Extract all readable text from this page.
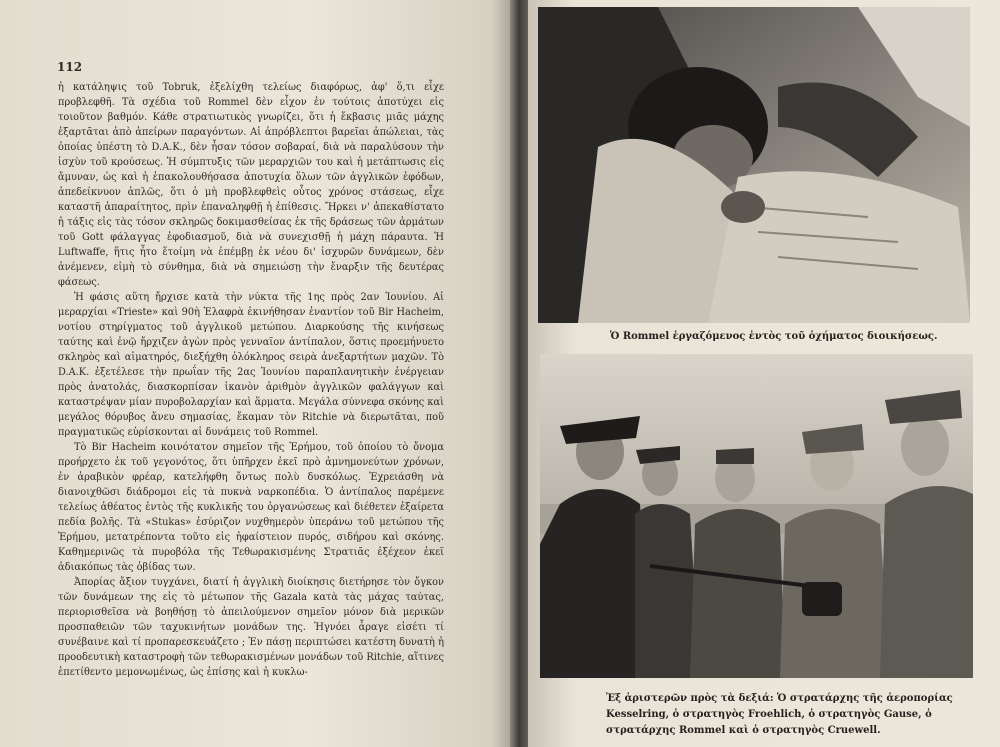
112

ἡ κατάληψις τοῦ Tobruk, ἐξελίχθη τελείως διαφόρως, ἀφ' ὅ,τι εἶχε προβλεφθῆ. Τὰ σχέδια τοῦ Rommel δὲν εἶχον ἐν τούτοις ἀποτύχει εἰς τοιοῦτον βαθμόν. Κάθε στρατιωτικὸς γνωρίζει, ὅτι ἡ ἔκβασις μιᾶς μάχης ἐξαρτᾶται ἀπὸ ἀπείρων παραγόντων. Αἱ ἀπρόβλεπτοι βαρεῖαι ἀπώλειαι, τὰς ὁποίας ὑπέστη τὸ D.A.K., δὲν ἦσαν τόσον σοβαραί, διὰ νὰ παραλύσουν τὴν ἰσχὺν τοῦ κρούσεως. Ἡ σύμπτυξις τῶν μεραρχιῶν του καὶ ἡ μετάπτωσις εἰς ἄμυναν, ὡς καὶ ἡ ἐπακολουθήσασα ἀποτυχία ὅλων τῶν ἀγγλικῶν ἐφόδων, ἀπεδείκνυον ἁπλῶς, ὅτι ὁ μὴ προβλεφθεὶς οὗτος χρόνος στάσεως, εἶχε καταστῆ ἀπαραίτητος, πρὶν ἐπαναληφθῇ ἡ ἐπίθεσις. Ἤρκει ν' ἀπεκαθίστατο ἡ τάξις εἰς τὰς τόσον σκληρῶς δοκιμασθείσας ἐκ τῆς δράσεως τῶν ἁρμάτων τοῦ Gott φάλαγγας ἐφοδιασμοῦ, διὰ νὰ συνεχισθῇ ἡ μάχη πάραυτα. Ἡ Luftwaffe, ἥτις ἦτο ἕτοίμη νὰ ἐπέμβῃ ἐκ νέου δι' ἰσχυρῶν δυνάμεων, δὲν ἀνέμενεν, εἰμὴ τὸ σύνθημα, διὰ νὰ σημειώσῃ τὴν ἔναρξιν τῆς δευτέρας φάσεως.

Ἡ φάσις αὕτη ἤρχισε κατὰ τὴν νύκτα τῆς 1ης πρὸς 2αν Ἰουνίου. Αἱ μεραρχίαι «Trieste» καὶ 90ὴ Ἐλαφρὰ ἐκινήθησαν ἐναντίον τοῦ Bir Hacheim, νοτίου στηρίγματος τοῦ ἀγγλικοῦ μετώπου. Διαρκούσης τῆς κινήσεως ταύτης καὶ ἐνῷ ἤρχιζεν ἀγὼν πρὸς γενναῖον ἀντίπαλον, ὅστις προεμήνυετο σκληρὸς καὶ αἱματηρός, διεξήχθη ὁλόκληρος σειρὰ ἀνεξαρτήτων μαχῶν. Τὸ D.A.K. ἐξετέλεσε τὴν πρωΐαν τῆς 2ας Ἰουνίου παραπλανητικὴν ἐνέργειαν πρὸς ἀνατολάς, διασκορπίσαν ἱκανὸν ἀριθμὸν ἀγγλικῶν φαλάγγων καὶ καταστρέψαν μίαν πυροβολαρχίαν καὶ ἅρματα. Μεγάλα σύννεφα σκόνης καὶ μεγάλος θόρυβος ἄνευ σημασίας, ἔκαμαν τὸν Ritchie νὰ διερωτᾶται, ποῦ πραγματικῶς εὑρίσκονται αἱ δυνάμεις τοῦ Rommel.

Τὸ Bir Hacheim κοινότατον σημεῖον τῆς Ἐρήμου, τοῦ ὁποίου τὸ ὄνομα προήρχετο ἐκ τοῦ γεγονότος, ὅτι ὑπῆρχεν ἐκεῖ πρὸ ἀμνημονεύτων χρόνων, ἐν ἀραβικὸν φρέαρ, κατελήφθη ὄντως πολὺ δυσκόλως. Ἐχρειάσθη νὰ διανοιχθῶσι διάδρομοι εἰς τὰ πυκνὰ ναρκοπέδια. Ὁ ἀντίπαλος παρέμενε τελείως ἀθέατος ἐντὸς τῆς κυκλικῆς του ὀργανώσεως καὶ διέθετεν ἐξαίρετα πεδία βολῆς. Τὰ «Stukas» ἐσύριζον νυχθημερὸν ὑπεράνω τοῦ μετώπου τῆς Ἐρήμου, μετατρέποντα τοῦτο εἰς ἡφαίστειον πυρός, σιδήρου καὶ σκόνης. Καθημερινῶς τὰ πυροβόλα τῆς Τεθωρακισμένης Στρατιᾶς ἐξέχεον ἐκεῖ ἀδιακόπως τὰς ὀβίδας των.

Ἀπορίας ἄξιον τυγχάνει, διατί ἡ ἀγγλικὴ διοίκησις διετήρησε τὸν ὄγκον τῶν δυνάμεων της εἰς τὸ μέτωπον τῆς Gazala κατὰ τὰς μάχας ταύτας, περιορισθεῖσα νὰ βοηθήσῃ τὸ ἀπειλούμενον σημεῖον μόνον διὰ μερικῶν προσπαθειῶν τῶν ταχυκινήτων μονάδων της. Ἠγνόει ἆραγε εἰσέτι τί συνέβαινε καὶ τί προπαρεσκευάζετο ; Ἐν πάσῃ περιπτώσει κατέστη δυνατὴ ἡ προοδευτικὴ καταστροφὴ τῶν τεθωρακισμένων μονάδων τοῦ Ritchie, αἵτινες ἐπετίθεντο μεμονωμένως, ὡς ἐπίσης καὶ ἡ κυκλω-

Ὁ Rommel ἐργαζόμενος ἐντὸς τοῦ ὀχήματος διοικήσεως.
Ἐξ ἀριστερῶν πρὸς τὰ δεξιά: Ὁ στρατάρχης τῆς ἀεροπορίας
Kesselring, ὁ στρατηγὸς Froehlich, ὁ στρατηγὸς Gause, ὁ
στρατάρχης Rommel καὶ ὁ στρατηγὸς Cruewell.
